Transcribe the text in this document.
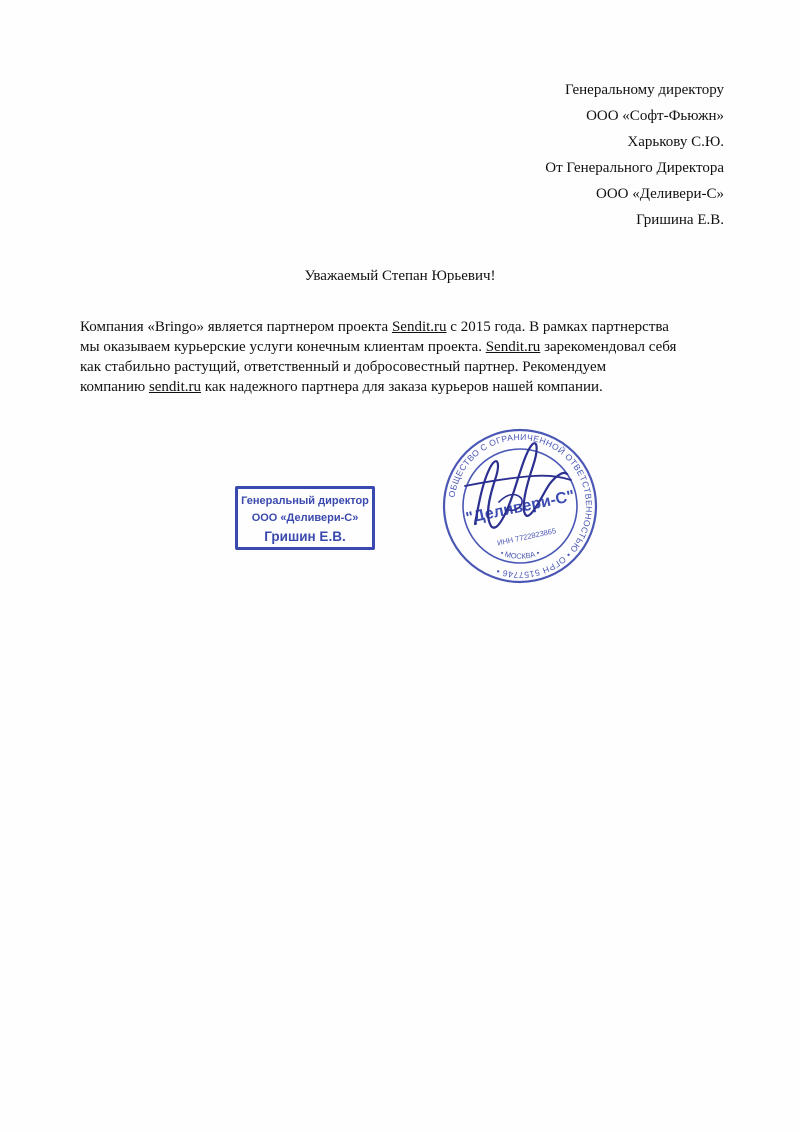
Генеральному директору
ООО «Софт-Фьюжн»
Харькову С.Ю.
От Генерального Директора
ООО «Деливери-С»
Гришина Е.В.
Уважаемый Степан Юрьевич!
Компания «Bringo» является партнером проекта Sendit.ru с 2015 года. В рамках партнерства
мы оказываем курьерские услуги конечным клиентам проекта. Sendit.ru зарекомендовал себя
как стабильно растущий, ответственный и добросовестный партнер. Рекомендуем
компанию sendit.ru как надежного партнера для заказа курьеров нашей компании.
Генеральный директор
ООО «Деливери-С»
Гришин Е.В.
ОБЩЕСТВО С ОГРАНИЧЕННОЙ ОТВЕТСТВЕННОСТЬЮ • ОГРН 5157746 •
"Деливери-С"
ИНН 7722823865
• МОСКВА •
